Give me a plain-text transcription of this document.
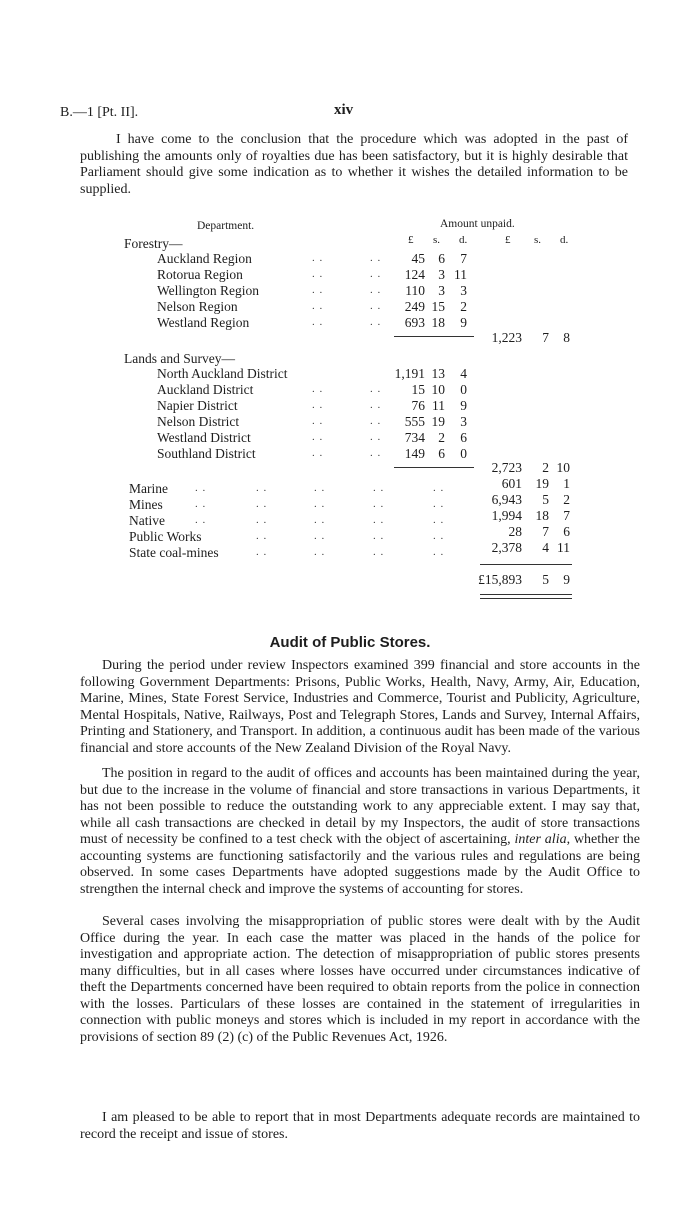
B.—1 [Pt. II].	xiv

I have come to the conclusion that the procedure which was adopted in the past of publishing the amounts only of royalties due has been satisfactory, but it is highly desirable that Parliament should give some indication as to whether it wishes the detailed information to be supplied.

Department.	Amount unpaid.
£ s. d.	£ s. d.
Forestry—
Auckland Region	. .	. . 45 6 7
Rotorua Region	. .	. . 124 3 11
Wellington Region	. .	. . 110 3 3
Nelson Region	. .	. . 249 15 2
Westland Region	. .	. . 693 18 9
1,223 7 8
Lands and Survey—
North Auckland District	1,191 13 4
Auckland District	. .	. . 15 10 0
Napier District	. .	. . 76 11 9
Nelson District	. .	. . 555 19 3
Westland District	. .	. . 734 2 6
Southland District	. .	. . 149 6 0
2,723 2 10
Marine . .	. .	. .	. .	. .	601 19 1
Mines	. .	. .	. .	. .	. .	6,943 5 2
Native	. .	. .	. .	. .	. .	1,994 18 7
Public Works	. .	. .	. .	. .	28 7 6
State coal-mines	. .	. .	. .	. .	2,378 4 11
£15,893 5 9
Audit of Public Stores.

During the period under review Inspectors examined 399 financial and store accounts in the following Government Departments: Prisons, Public Works, Health, Navy, Army, Air, Education, Marine, Mines, State Forest Service, Industries and Commerce, Tourist and Publicity, Agriculture, Mental Hospitals, Native, Railways, Post and Telegraph Stores, Lands and Survey, Internal Affairs, Printing and Stationery, and Transport. In addition, a continuous audit has been made of the various financial and store accounts of the New Zealand Division of the Royal Navy.

The position in regard to the audit of offices and accounts has been maintained during the year, but due to the increase in the volume of financial and store transactions in various Departments, it has not been possible to reduce the outstanding work to any appreciable extent. I may say that, while all cash transactions are checked in detail by my Inspectors, the audit of store transactions must of necessity be confined to a test check with the object of ascertaining, inter alia, whether the accounting systems are functioning satisfactorily and the various rules and regulations are being observed. In some cases Departments have adopted suggestions made by the Audit Office to strengthen the internal check and improve the systems of accounting for stores.

Several cases involving the misappropriation of public stores were dealt with by the Audit Office during the year. In each case the matter was placed in the hands of the police for investigation and appropriate action. The detection of misappropriation of public stores presents many difficulties, but in all cases where losses have occurred under circumstances indicative of theft the Departments concerned have been required to obtain reports from the police in connection with the losses. Particulars of these losses are contained in the statement of irregularities in connection with public moneys and stores which is included in my report in accordance with the provisions of section 89 (2) (c) of the Public Revenues Act, 1926.

I am pleased to be able to report that in most Departments adequate records are maintained to record the receipt and issue of stores.
